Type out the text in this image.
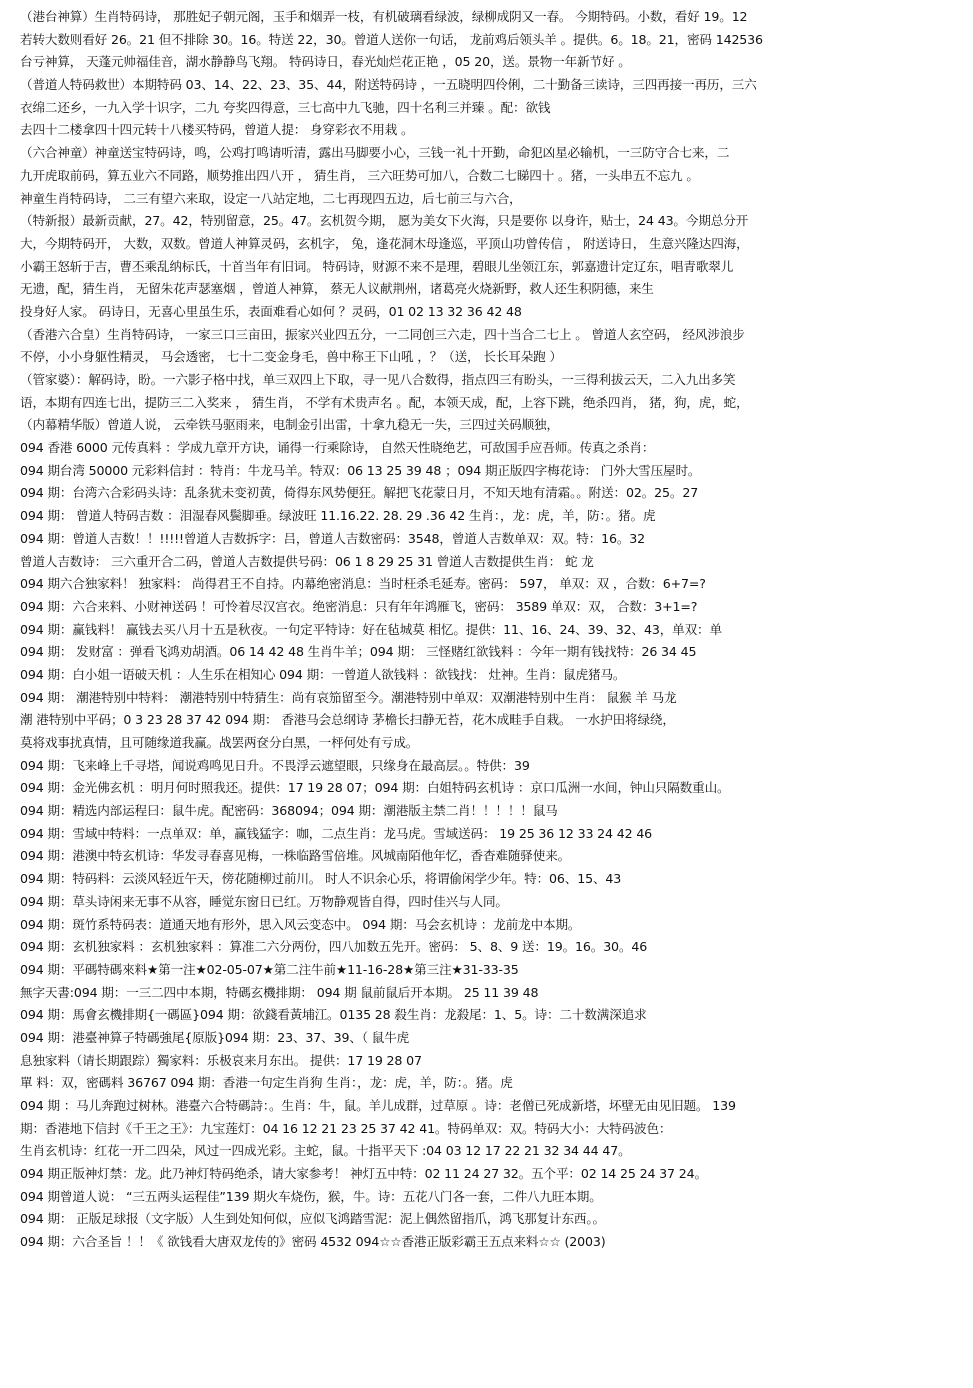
（港台神算）生肖特码诗， 那胜妃子朝元阁，玉手和烟弄一枝，有机破璃看绿波，绿柳成阴又一春。 今期特码。小数，看好 19。12
若转大数则看好 26。21 但不排除 30。16。特送 22，30。曾道人送你一句话， 龙前鸡后领头羊 。提供。6。18。21，密码 142536
台亏神算， 天蓬元帅福佳音，湖水静静鸟飞翔。 特码诗日，春光灿烂花正艳 ，05 20，送。景物一年新节好 。
（普道人特码救世）本期特码 03、14、22、23、35、44，附送特码诗 ，一五晓明四伶俐，二十勤备三读诗，三四再接一再历，三六
衣绵二还乡，一九入学十识字，二九 夸奖四得意，三七高中九飞驰，四十名利三并臻 。配：欲钱
去四十二楼拿四十四元转十八楼买特码，曾道人提： 身穿彩衣不用栽 。
（六合神童）神童送宝特码诗，鸣，公鸡打鸣请听清，露出马脚要小心，三钱一礼十开勤，命犯凶星必输机，一三防守合七来，二
九开虎取前码，算五业六不同路，顺势推出四八开 ， 猜生肖， 三六旺势可加八，合数二七睇四十 。猪，一头串五不忘九 。
神童生肖特码诗， 二三有望六来取，设定一八站定地，二七再现四五边，后七前三与六合，
（特新报）最新贡献，27。42，特别留意，25。47。玄机贺今期， 愿为美女下火海，只是要你 以身许，贴士，24 43。今期总分开
大，今期特码开， 大数，双数。曾道人神算灵码，玄机字， 兔，逢花洞木母逢巡，平顶山功曾传信 ， 附送诗日， 生意兴隆达四海，
小霸王怒斩于吉，曹丕乘乱纳标氏，十首当年有旧词。 特码诗，财源不来不是理，碧眼儿坐领江东，郭嘉遗计定辽东，唱青歌翠儿
无遗，配，猜生肖， 无留朱花声瑟塞烟 ，曾道人神算， 蔡无人议献荆州，诸葛亮火烧新野，救人还生积阴德，来生
投身好人家。 码诗日，无喜心里虽生乐，表面难看心如何 ？灵码，01 02 13 32 36 42 48
（香港六合皇）生肖特码诗， 一家三口三亩田，振家兴业四五分，一二同创三六走，四十当合二七上 。 曾道人玄空码， 经风涉浪步
不停，小小身躯性精灵， 马会透密， 七十二变金身毛，兽中称王下山吼 ，？（送， 长长耳朵跑 ）
（管家婆）：解码诗，盼。一六影子格中找，单三双四上下取，寻一见八合数得，指点四三有盼头，一三得利拔云天，二入九出多笑
语，本期有四连七出，提防三二入奖来 ， 猜生肖， 不学有术贵声名 。配，本领天成，配，上容下跳，绝杀四肖， 猪，狗，虎，蛇，
（内幕精华版）曾道人说， 云牵铁马驱雨来，电制金引出雷，十拿九稳无一失，三四过关码顺独，
094 香港 6000 元传真料 ：学成九章开方诀，诵得一行乘除诗， 自然天性晓绝艺，可敌国手应吾师。传真之杀肖：
094 期台湾 50000 元彩料信封 ：特肖：牛龙马羊。特双：06 13 25 39 48 ；094 期正版四字梅花诗： 门外大雪压屋时。
094 期：台湾六合彩码头诗：乱条犹未变初黄，倚得东风势便狂。解把飞花蒙日月，不知天地有清霜。。附送：02。25。27
094 期： 曾道人特码吉数 ：泪湿春风鬓脚垂。绿波旺 11.16.22. 28. 29 .36 42 生肖：，龙：虎，羊，防：。猪。虎
094 期：曾道人吉数！！!!!!!曾道人吉数拆字：吕，曾道人吉数密码：3548，曾道人吉数单双：双。特：16。32
曾道人吉数诗： 三六重开合二码，曾道人吉数提供号码：06 1 8 29 25 31 曾道人吉数提供生肖： 蛇 龙
094 期六合独家料！ 独家料： 尚得君王不自持。内幕绝密消息：当时枉杀毛延寿。密码： 597， 单双：双 ，合数：6+7=?
094 期：六合来料、小财神送码 ！可怜着尽汉宫衣。绝密消息：只有年年鸿雁飞，密码： 3589 单双：双， 合数：3+1=?
094 期：赢钱料！ 赢钱去买八月十五是秋夜。一句定平特诗：好在毡城莫 相忆。提供：11、16、24、39、32、43，单双：单
094 期： 发财富 ：弹看飞鸿劝胡酒。06 14 42 48 生肖牛羊；094 期： 三怪赌红欲钱料 ：今年一期有钱找特：26 34 45
094 期：白小姐一语破天机 ：人生乐在相知心 094 期：一曾道人欲钱料 ：欲钱找： 灶神。生肖：鼠虎猪马。
094 期： 潮港特别中特料： 潮港特别中特猜生：尚有哀笳留至今。潮港特别中单双：双潮港特别中生肖： 鼠猴 羊 马龙
潮 港特别中平码；0 3 23 28 37 42 094 期： 香港马会总纲诗 茅檐长扫静无苔，花木成畦手自栽。 一水护田将绿绕，
莫将戏事扰真情，且可随缘道我赢。战罢两奁分白黑，一枰何处有亏成。
094 期：飞来峰上千寻塔，闻说鸡鸣见日升。不畏浮云遮望眼，只缘身在最高层。。特供：39
094 期：金光佛玄机 ：明月何时照我还。提供：17 19 28 07；094 期：白姐特码玄机诗 ：京口瓜洲一水间，钟山只隔数重山。
094 期：精选内部运程曰：鼠牛虎。配密码：368094；094 期：潮港版主禁二肖！！！！！鼠马
094 期：雪域中特料：一点单双：单，赢钱猛字：咖，二点生肖：龙马虎。雪域送码： 19 25 36 12 33 24 42 46
094 期：港澳中特玄机诗：华发寻春喜见梅，一株临路雪倍堆。风城南陌他年忆，香杳难随驿使来。
094 期：特码料：云淡风轻近午天，傍花随柳过前川。 时人不识余心乐，将谓偷闲学少年。特：06、15、43
094 期：草头诗闲来无事不从容，睡觉东窗日已红。万物静观皆自得，四时佳兴与人同。
094 期：斑竹系特码表：道通天地有形外，思入风云变态中。 094 期：马会玄机诗 ：龙前龙中本期。
094 期：玄机独家料 ：玄机独家料 ：算准二六分两份，四八加数五先开。密码： 5、8、9 送：19。16。30。46
094 期：平碼特碼來料★第一注★02-05-07★第二注牛前★11-16-28★第三注★31-33-35
無字天書:094 期：一三二四中本期，特碼玄機排期： 094 期 鼠前鼠后开本期。 25 11 39 48
094 期：馬會玄機排期{一碼區}094 期：欲錢看黃埔江。0135 28 殺生肖：龙殺尾：1、5。诗：二十数满深追求
094 期：港臺神算子特碼強尾{原版}094 期：23、37、39、（ 鼠牛虎
息独家料（请长期跟踪）獨家料：乐极哀来月东出。 提供：17 19 28 07
單 料：双，密碼料 36767 094 期：香港一句定生肖狗 生肖：，龙：虎，羊，防：。猪。虎
094 期 ：马儿奔跑过树林。港臺六合特碼詩：。生肖：牛，鼠。羊儿成群，过草原 。诗：老僧已死成新塔，坏壁无由见旧题。 139
期：香港地下信封《千王之王》：九宝莲灯：04 16 12 21 23 25 37 42 41。特码单双：双。特码大小：大特码波色：
生肖玄机诗：红花一开二四朵，风过一四成光彩。主蛇，鼠。十指平天下 :04 03 12 17 22 21 32 34 44 47。
094 期正版神灯禁：龙。此乃神灯特码绝杀，请大家参考！ 神灯五中特：02 11 24 27 32。五个平：02 14 25 24 37 24。
094 期曾道人说： “三五两头运程佳”139 期火车烧伤，猴，牛。诗：五花八门各一套，二件八九旺本期。
094 期： 正版足球报（文字版）人生到处知何似，应似飞鸿踏雪泥：泥上偶然留指爪，鸿飞那复计东西。。
094 期：六合圣旨 ！！《 欲钱看大唐双龙传的》密码 4532 094☆☆香港正版彩霸王五点来料☆☆ (2003)
